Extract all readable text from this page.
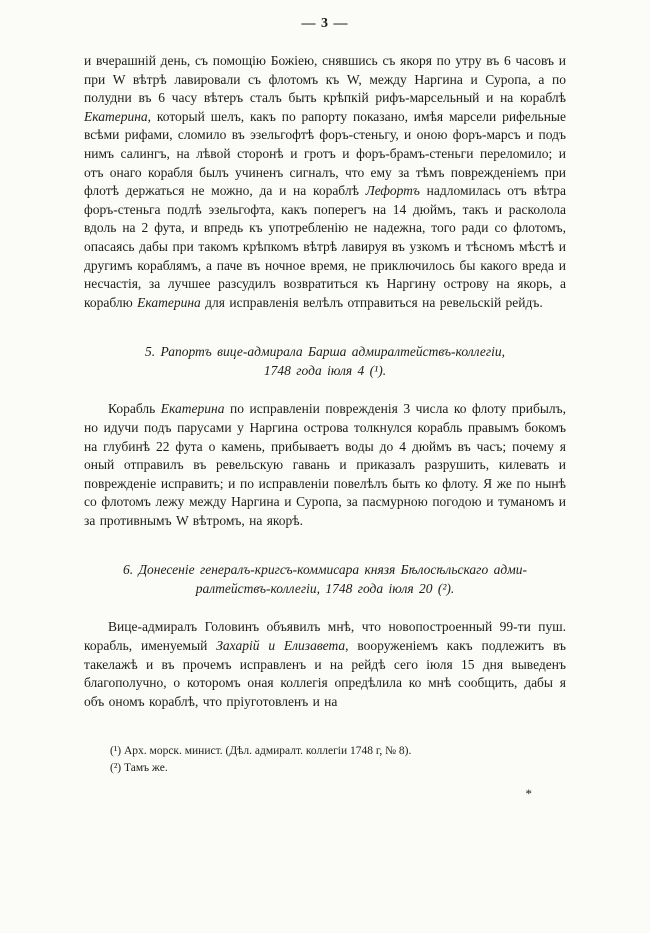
— 3 —

и вчерашній день, съ помощію Божіею, снявшись съ якоря по утру въ 6 часовъ и при W вѣтрѣ лавировали съ флотомъ къ W, между Наргина и Суропа, а по полудни въ 6 часу вѣтеръ сталъ быть крѣпкій рифъ-марсельный и на кораблѣ Екатерина, который шелъ, какъ по рапорту показано, имѣя марсели рифельные всѣми рифами, сломило въ эзельгофтѣ форъ-стеньгу, и оною форъ-марсъ и подъ нимъ салингъ, на лѣвой сторонѣ и гротъ и форъ-брамъ-стеньги переломило; и отъ онаго корабля былъ учиненъ сигналъ, что ему за тѣмъ поврежденіемъ при флотѣ держаться не можно, да и на кораблѣ Лефортъ надломилась отъ вѣтра форъ-стеньга подлѣ эзельгофта, какъ поперегъ на 14 дюймъ, такъ и расколола вдоль на 2 фута, и впредь къ употребленію не надежна, того ради со флотомъ, опасаясь дабы при такомъ крѣпкомъ вѣтрѣ лавируя въ узкомъ и тѣсномъ мѣстѣ и другимъ кораблямъ, а паче въ ночное время, не приключилось бы какого вреда и несчастія, за лучшее разсудилъ возвратиться къ Наргину острову на якорь, а кораблю Екатерина для исправленія велѣлъ отправиться на ревельскій рейдъ.

5. Рапортъ вице-адмирала Барша адмиралтействъ-коллегіи,
1748 года іюля 4 (¹).

Корабль Екатерина по исправленіи поврежденія 3 числа ко флоту прибылъ, но идучи подъ парусами у Наргина острова толкнулся корабль правымъ бокомъ на глубинѣ 22 фута о камень, прибываетъ воды до 4 дюймъ въ часъ; почему я оный отправилъ въ ревельскую гавань и приказалъ разрушить, килевать и поврежденіе исправить; и по исправленіи повелѣлъ быть ко флоту. Я же по нынѣ со флотомъ лежу между Наргина и Суропа, за пасмурною погодою и туманомъ и за противнымъ W вѣтромъ, на якорѣ.

6. Донесеніе генералъ-кригсъ-коммисара князя Бѣлосѣльскаго адми-
ралтействъ-коллегіи, 1748 года іюля 20 (²).

Вице-адмиралъ Головинъ объявилъ мнѣ, что новопостроенный 99-ти пуш. корабль, именуемый Захарій и Елизавета, вооруженіемъ какъ подлежитъ въ такелажѣ и въ прочемъ исправленъ и на рейдѣ сего іюля 15 дня выведенъ благополучно, о которомъ оная коллегія опредѣлила ко мнѣ сообщить, дабы я объ ономъ кораблѣ, что пріуготовленъ и на

(¹) Арх. морск. минист. (Дѣл. адмиралт. коллегіи 1748 г, № 8).
(²) Тамъ же.
*
